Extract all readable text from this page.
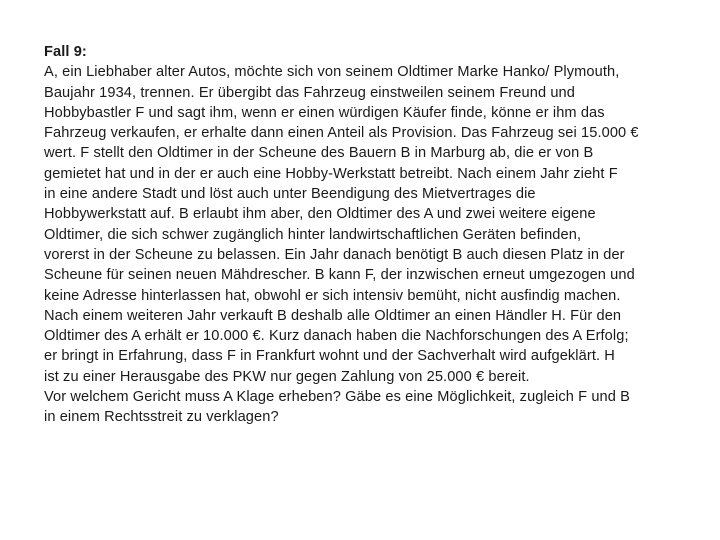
Fall 9:
A, ein Liebhaber alter Autos, möchte sich von seinem Oldtimer Marke Hanko/ Plymouth,
Baujahr 1934, trennen. Er übergibt das Fahrzeug einstweilen seinem Freund und
Hobbybastler F und sagt ihm, wenn er einen würdigen Käufer finde, könne er ihm das
Fahrzeug verkaufen, er erhalte dann einen Anteil als Provision. Das Fahrzeug sei 15.000 €
wert. F stellt den Oldtimer in der Scheune des Bauern B in Marburg ab, die er von B
gemietet hat und in der er auch eine Hobby-Werkstatt betreibt. Nach einem Jahr zieht F
in eine andere Stadt und löst auch unter Beendigung des Mietvertrages die
Hobbywerkstatt auf. B erlaubt ihm aber, den Oldtimer des A und zwei weitere eigene
Oldtimer, die sich schwer zugänglich hinter landwirtschaftlichen Geräten befinden,
vorerst in der Scheune zu belassen. Ein Jahr danach benötigt B auch diesen Platz in der
Scheune für seinen neuen Mähdrescher. B kann F, der inzwischen erneut umgezogen und
keine Adresse hinterlassen hat, obwohl er sich intensiv bemüht, nicht ausfindig machen.
Nach einem weiteren Jahr verkauft B deshalb alle Oldtimer an einen Händler H. Für den
Oldtimer des A erhält er 10.000 €. Kurz danach haben die Nachforschungen des A Erfolg;
er bringt in Erfahrung, dass F in Frankfurt wohnt und der Sachverhalt wird aufgeklärt. H
ist zu einer Herausgabe des PKW nur gegen Zahlung von 25.000 € bereit.
Vor welchem Gericht muss A Klage erheben? Gäbe es eine Möglichkeit, zugleich F und B
in einem Rechtsstreit zu verklagen?
